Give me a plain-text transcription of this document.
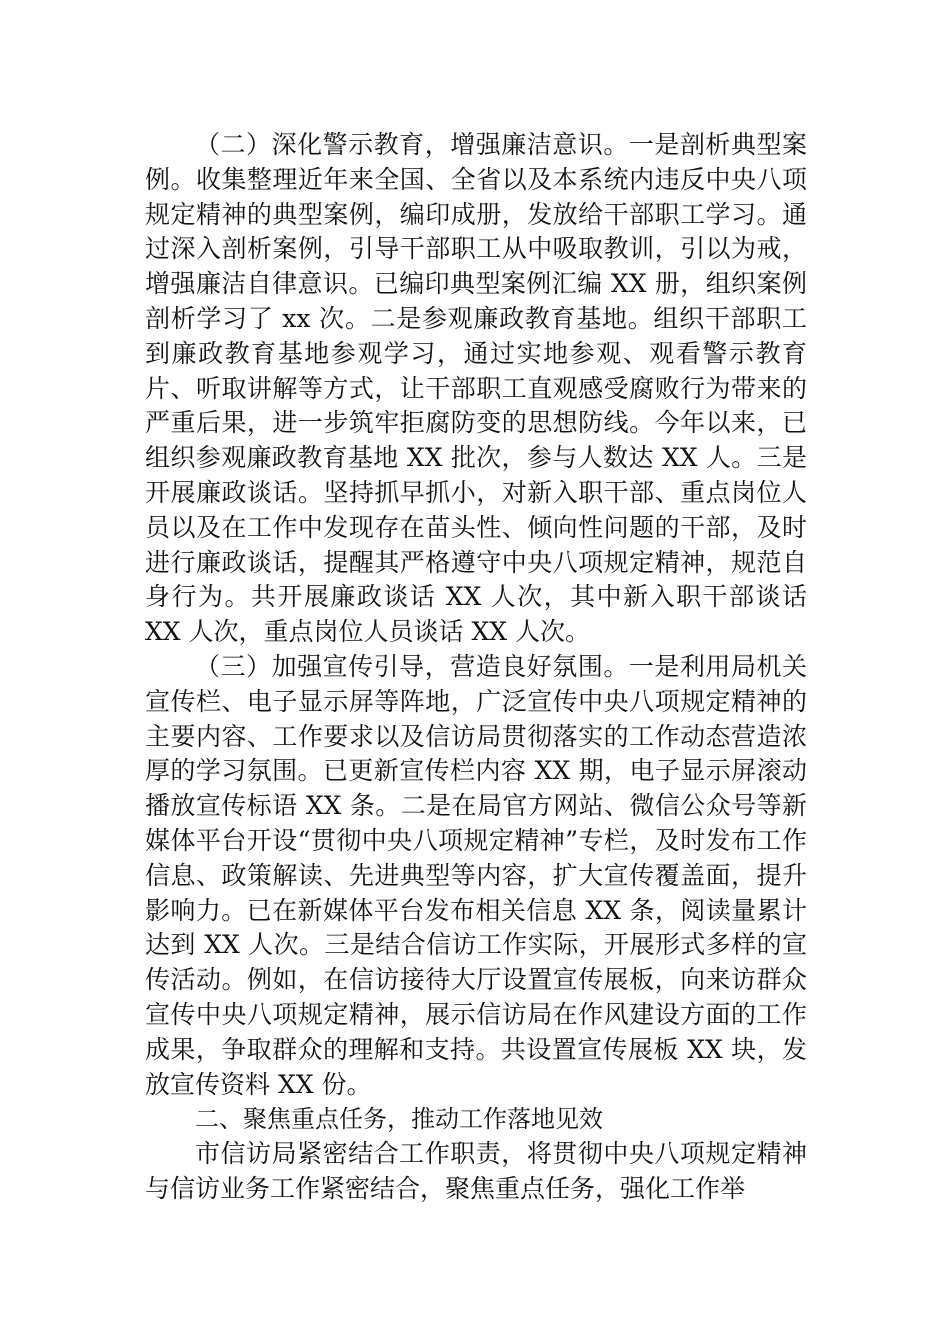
（二）深化警示教育，增强廉洁意识。一是剖析典型案例。收集整理近年来全国、全省以及本系统内违反中央八项规定精神的典型案例，编印成册，发放给干部职工学习。通过深入剖析案例，引导干部职工从中吸取教训，引以为戒，增强廉洁自律意识。已编印典型案例汇编 XX 册，组织案例剖析学习了 xx 次。二是参观廉政教育基地。组织干部职工到廉政教育基地参观学习，通过实地参观、观看警示教育片、听取讲解等方式，让干部职工直观感受腐败行为带来的严重后果，进一步筑牢拒腐防变的思想防线。今年以来，已组织参观廉政教育基地 XX 批次，参与人数达 XX 人。三是开展廉政谈话。坚持抓早抓小，对新入职干部、重点岗位人员以及在工作中发现存在苗头性、倾向性问题的干部，及时进行廉政谈话，提醒其严格遵守中央八项规定精神，规范自身行为。共开展廉政谈话 XX 人次，其中新入职干部谈话 XX 人次，重点岗位人员谈话 XX 人次。

（三）加强宣传引导，营造良好氛围。一是利用局机关宣传栏、电子显示屏等阵地，广泛宣传中央八项规定精神的主要内容、工作要求以及信访局贯彻落实的工作动态营造浓厚的学习氛围。已更新宣传栏内容 XX 期，电子显示屏滚动播放宣传标语 XX 条。二是在局官方网站、微信公众号等新媒体平台开设“贯彻中央八项规定精神”专栏，及时发布工作信息、政策解读、先进典型等内容，扩大宣传覆盖面，提升影响力。已在新媒体平台发布相关信息 XX 条，阅读量累计达到 XX 人次。三是结合信访工作实际，开展形式多样的宣传活动。例如，在信访接待大厅设置宣传展板，向来访群众宣传中央八项规定精神，展示信访局在作风建设方面的工作成果，争取群众的理解和支持。共设置宣传展板 XX 块，发放宣传资料 XX 份。

二、聚焦重点任务，推动工作落地见效

市信访局紧密结合工作职责，将贯彻中央八项规定精神与信访业务工作紧密结合，聚焦重点任务，强化工作举
